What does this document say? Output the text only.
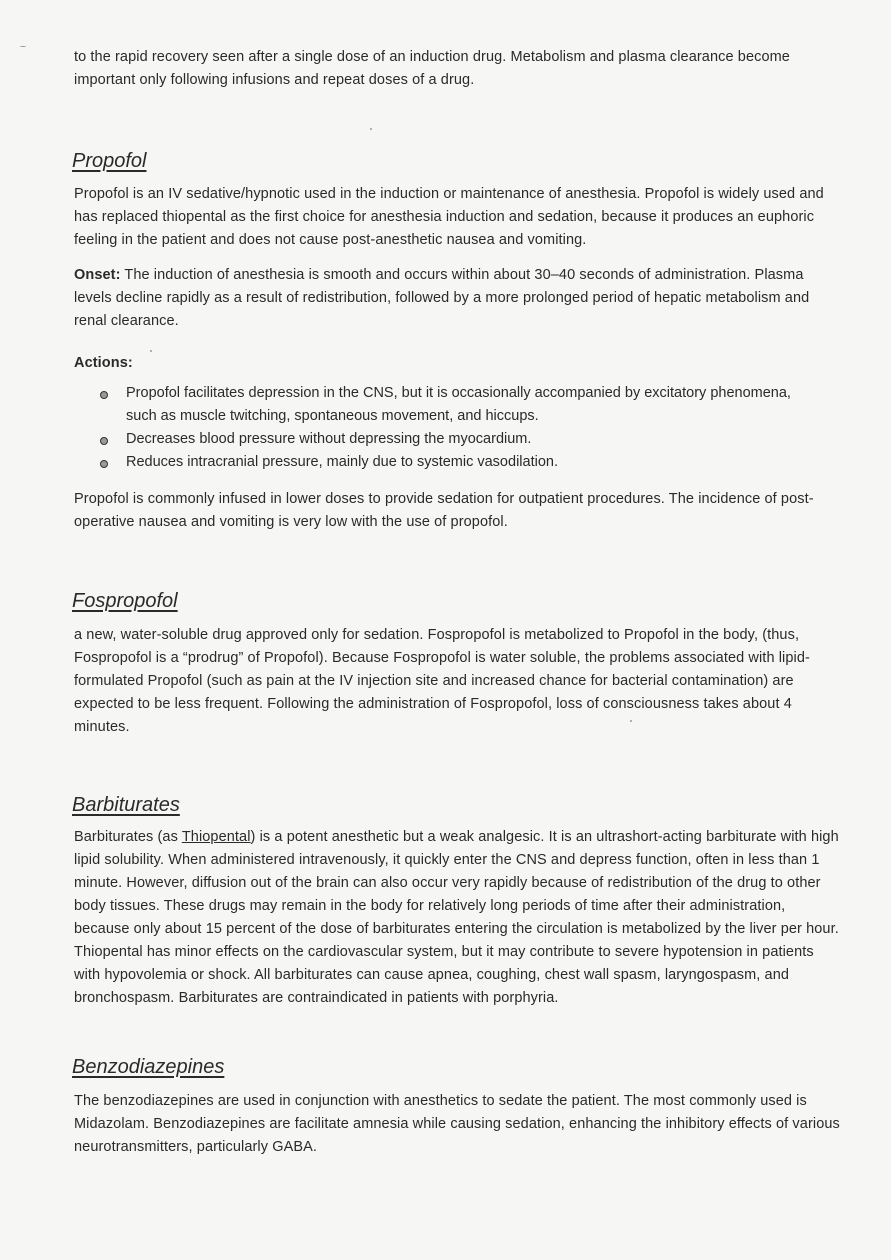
to the rapid recovery seen after a single dose of an induction drug. Metabolism and plasma clearance become important only following infusions and repeat doses of a drug.

Propofol

Propofol is an IV sedative/hypnotic used in the induction or maintenance of anesthesia. Propofol is widely used and has replaced thiopental as the first choice for anesthesia induction and sedation, because it produces an euphoric feeling in the patient and does not cause post-anesthetic nausea and vomiting.

Onset: The induction of anesthesia is smooth and occurs within about 30–40 seconds of administration. Plasma levels decline rapidly as a result of redistribution, followed by a more prolonged period of hepatic metabolism and renal clearance.

Actions:

Propofol facilitates depression in the CNS, but it is occasionally accompanied by excitatory phenomena, such as muscle twitching, spontaneous movement, and hiccups.
Decreases blood pressure without depressing the myocardium.
Reduces intracranial pressure, mainly due to systemic vasodilation.

Propofol is commonly infused in lower doses to provide sedation for outpatient procedures. The incidence of post-operative nausea and vomiting is very low with the use of propofol.

Fospropofol

a new, water-soluble drug approved only for sedation. Fospropofol is metabolized to Propofol in the body, (thus, Fospropofol is a “prodrug” of Propofol). Because Fospropofol is water soluble, the problems associated with lipid-formulated Propofol (such as pain at the IV injection site and increased chance for bacterial contamination) are expected to be less frequent. Following the administration of Fospropofol, loss of consciousness takes about 4 minutes.

Barbiturates

Barbiturates (as Thiopental) is a potent anesthetic but a weak analgesic. It is an ultrashort-acting barbiturate with high lipid solubility. When administered intravenously, it quickly enter the CNS and depress function, often in less than 1 minute. However, diffusion out of the brain can also occur very rapidly because of redistribution of the drug to other body tissues. These drugs may remain in the body for relatively long periods of time after their administration, because only about 15 percent of the dose of barbiturates entering the circulation is metabolized by the liver per hour. Thiopental has minor effects on the cardiovascular system, but it may contribute to severe hypotension in patients with hypovolemia or shock. All barbiturates can cause apnea, coughing, chest wall spasm, laryngospasm, and bronchospasm. Barbiturates are contraindicated in patients with porphyria.

Benzodiazepines

The benzodiazepines are used in conjunction with anesthetics to sedate the patient. The most commonly used is Midazolam. Benzodiazepines are facilitate amnesia while causing sedation, enhancing the inhibitory effects of various neurotransmitters, particularly GABA.
